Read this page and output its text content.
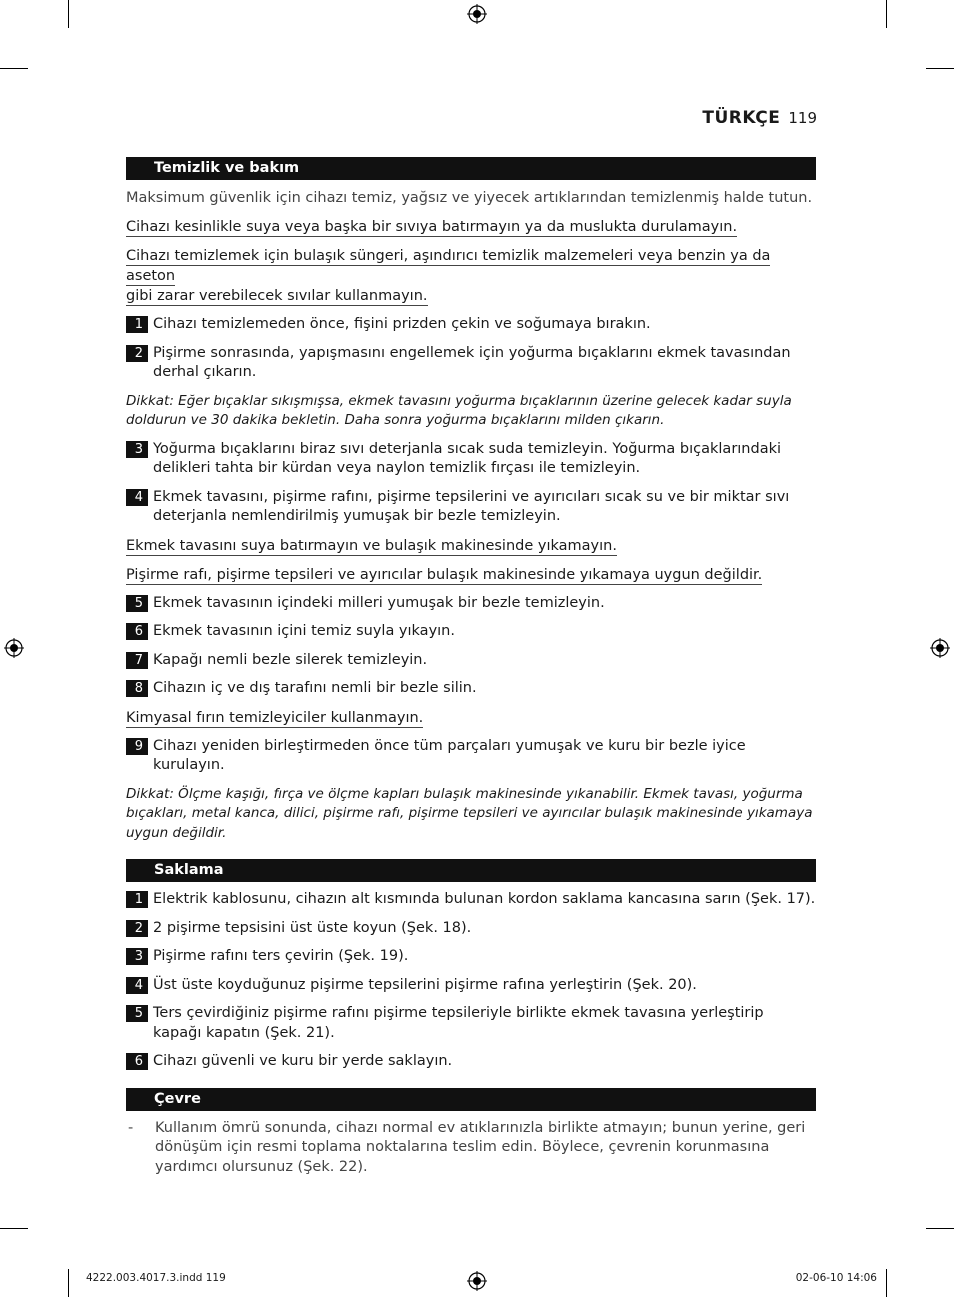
TÜRKÇE 119
Temizlik ve bakım
Maksimum güvenlik için cihazı temiz, yağsız ve yiyecek artıklarından temizlenmiş halde tutun.
Cihazı kesinlikle suya veya başka bir sıvıya batırmayın ya da muslukta durulamayın.
Cihazı temizlemek için bulaşık süngeri, aşındırıcı temizlik malzemeleri veya benzin ya da aseton
gibi zarar verebilecek sıvılar kullanmayın.
1 Cihazı temizlemeden önce, fişini prizden çekin ve soğumaya bırakın.
2 Pişirme sonrasında, yapışmasını engellemek için yoğurma bıçaklarını ekmek tavasından derhal çıkarın.
Dikkat: Eğer bıçaklar sıkışmışsa, ekmek tavasını yoğurma bıçaklarının üzerine gelecek kadar suyla doldurun ve 30 dakika bekletin. Daha sonra yoğurma bıçaklarını milden çıkarın.
3 Yoğurma bıçaklarını biraz sıvı deterjanla sıcak suda temizleyin. Yoğurma bıçaklarındaki delikleri tahta bir kürdan veya naylon temizlik fırçası ile temizleyin.
4 Ekmek tavasını, pişirme rafını, pişirme tepsilerini ve ayırıcıları sıcak su ve bir miktar sıvı deterjanla nemlendirilmiş yumuşak bir bezle temizleyin.
Ekmek tavasını suya batırmayın ve bulaşık makinesinde yıkamayın.
Pişirme rafı, pişirme tepsileri ve ayırıcılar bulaşık makinesinde yıkamaya uygun değildir.
5 Ekmek tavasının içindeki milleri yumuşak bir bezle temizleyin.
6 Ekmek tavasının içini temiz suyla yıkayın.
7 Kapağı nemli bezle silerek temizleyin.
8 Cihazın iç ve dış tarafını nemli bir bezle silin.
Kimyasal fırın temizleyiciler kullanmayın.
9 Cihazı yeniden birleştirmeden önce tüm parçaları yumuşak ve kuru bir bezle iyice kurulayın.
Dikkat: Ölçme kaşığı, fırça ve ölçme kapları bulaşık makinesinde yıkanabilir. Ekmek tavası, yoğurma bıçakları, metal kanca, dilici, pişirme rafı, pişirme tepsileri ve ayırıcılar bulaşık makinesinde yıkamaya uygun değildir.
Saklama
1 Elektrik kablosunu, cihazın alt kısmında bulunan kordon saklama kancasına sarın (Şek. 17).
2 2 pişirme tepsisini üst üste koyun (Şek. 18).
3 Pişirme rafını ters çevirin (Şek. 19).
4 Üst üste koyduğunuz pişirme tepsilerini pişirme rafına yerleştirin (Şek. 20).
5 Ters çevirdiğiniz pişirme rafını pişirme tepsileriyle birlikte ekmek tavasına yerleştirip kapağı kapatın (Şek. 21).
6 Cihazı güvenli ve kuru bir yerde saklayın.
Çevre
-	Kullanım ömrü sonunda, cihazı normal ev atıklarınızla birlikte atmayın; bunun yerine, geri dönüşüm için resmi toplama noktalarına teslim edin. Böylece, çevrenin korunmasına yardımcı olursunuz (Şek. 22).
4222.003.4017.3.indd 119	02-06-10 14:06
